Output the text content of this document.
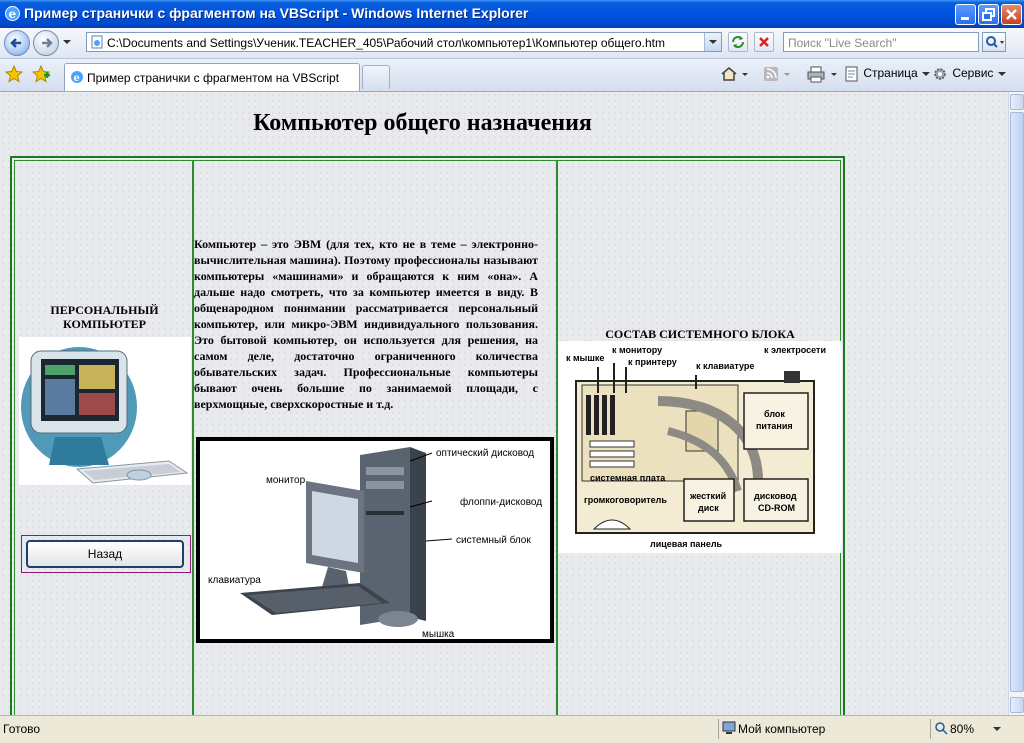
e Пример странички с фрагментом на VBScript - Windows Internet Explorer
C:\Documents and Settings\Ученик.TEACHER_405\Рабочий стол\компьютер1\Компьютер общего.htm	Поиск "Live Search"
e Пример странички с фрагментом на VBScript	Страница	Сервис
Компьютер общего назначения
ПЕРСОНАЛЬНЫЙ КОМПЬЮТЕР
Назад
Компьютер – это ЭВМ (для тех, кто не в теме – электронно-вычислительная машина). Поэтому профессионалы называют компьютеры «машинами» и обращаются к ним «она». А дальше надо смотреть, что за компьютер имеется в виду. В общенародном понимании рассматривается персональный компьютер, или микро-ЭВМ индивидуального пользования. Это бытовой компьютер, он используется для решения, на самом деле, достаточно ограниченного количества обывательских задач. Профессиональные компьютеры бывают очень большие по занимаемой площади, с верхмощные, сверхскоростные и т.д.
оптический дисковод
монитор
флоппи-дисковод
системный блок
клавиатура
мышка
СОСТАВ СИСТЕМНОГО БЛОКА
к мышке
к монитору
к принтеру к клавиатуре
к электросети
блок
питания
системная плата
громкоговоритель	жесткий
диск
дисковод
CD-ROM
лицевая панель
Готово	Мой компьютер	80%
